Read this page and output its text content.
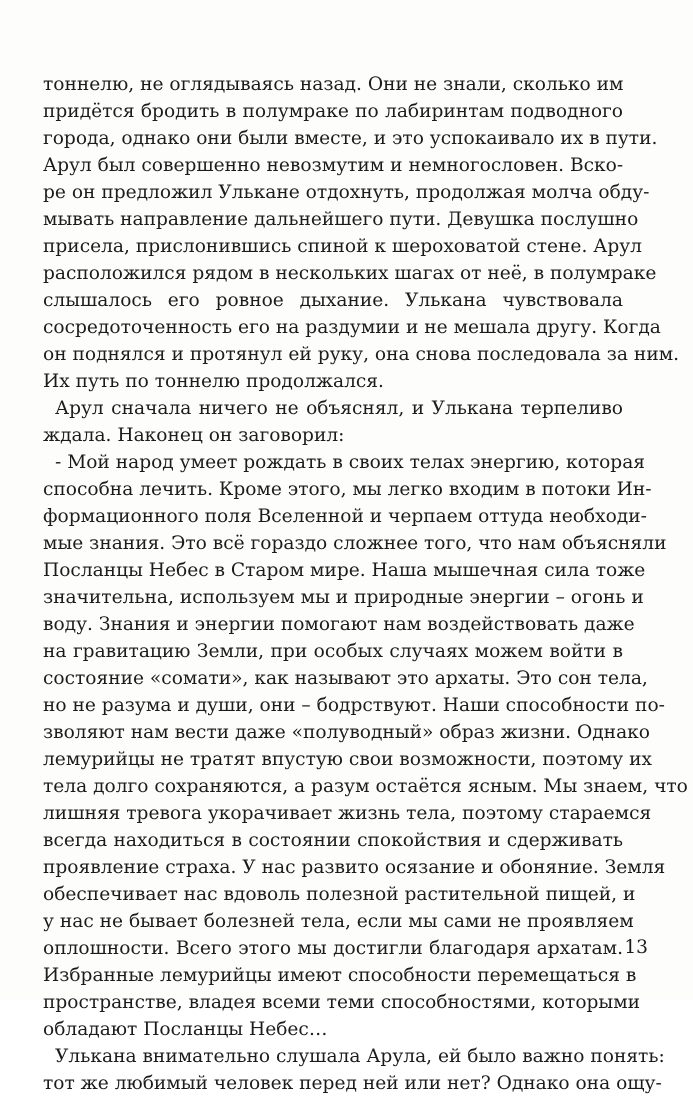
тоннелю, не оглядываясь назад. Они не знали, сколько им
придётся бродить в полумраке по лабиринтам подводного
города, однако они были вместе, и это успокаивало их в пути.
Арул был совершенно невозмутим и немногословен. Вско-
ре он предложил Улькане отдохнуть, продолжая молча обду-
мывать направление дальнейшего пути. Девушка послушно
присела, прислонившись спиной к шероховатой стене. Арул
расположился рядом в нескольких шагах от неё, в полумраке
слышалось его ровное дыхание. Улькана чувствовала
сосредоточенность его на раздумии и не мешала другу. Когда
он поднялся и протянул ей руку, она снова последовала за ним.
Их путь по тоннелю продолжался.
Арул сначала ничего не объяснял, и Улькана терпеливо
ждала. Наконец он заговорил:
- Мой народ умеет рождать в своих телах энергию, которая
способна лечить. Кроме этого, мы легко входим в потоки Ин-
формационного поля Вселенной и черпаем оттуда необходи-
мые знания. Это всё гораздо сложнее того, что нам объясняли
Посланцы Небес в Старом мире. Наша мышечная сила тоже
значительна, используем мы и природные энергии – огонь и
воду. Знания и энергии помогают нам воздействовать даже
на гравитацию Земли, при особых случаях можем войти в
состояние «сомати», как называют это архаты. Это сон тела,
но не разума и души, они – бодрствуют. Наши способности по-
зволяют нам вести даже «полуводный» образ жизни. Однако
лемурийцы не тратят впустую свои возможности, поэтому их
тела долго сохраняются, а разум остаётся ясным. Мы знаем, что
лишняя тревога укорачивает жизнь тела, поэтому стараемся
всегда находиться в состоянии спокойствия и сдерживать
проявление страха. У нас развито осязание и обоняние. Земля
обеспечивает нас вдоволь полезной растительной пищей, и
у нас не бывает болезней тела, если мы сами не проявляем
оплошности. Всего этого мы достигли благодаря архатам.
Избранные лемурийцы имеют способности перемещаться в
пространстве, владея всеми теми способностями, которыми
обладают Посланцы Небес…
Улькана внимательно слушала Арула, ей было важно понять:
тот же любимый человек перед ней или нет? Однако она ощу-
13
